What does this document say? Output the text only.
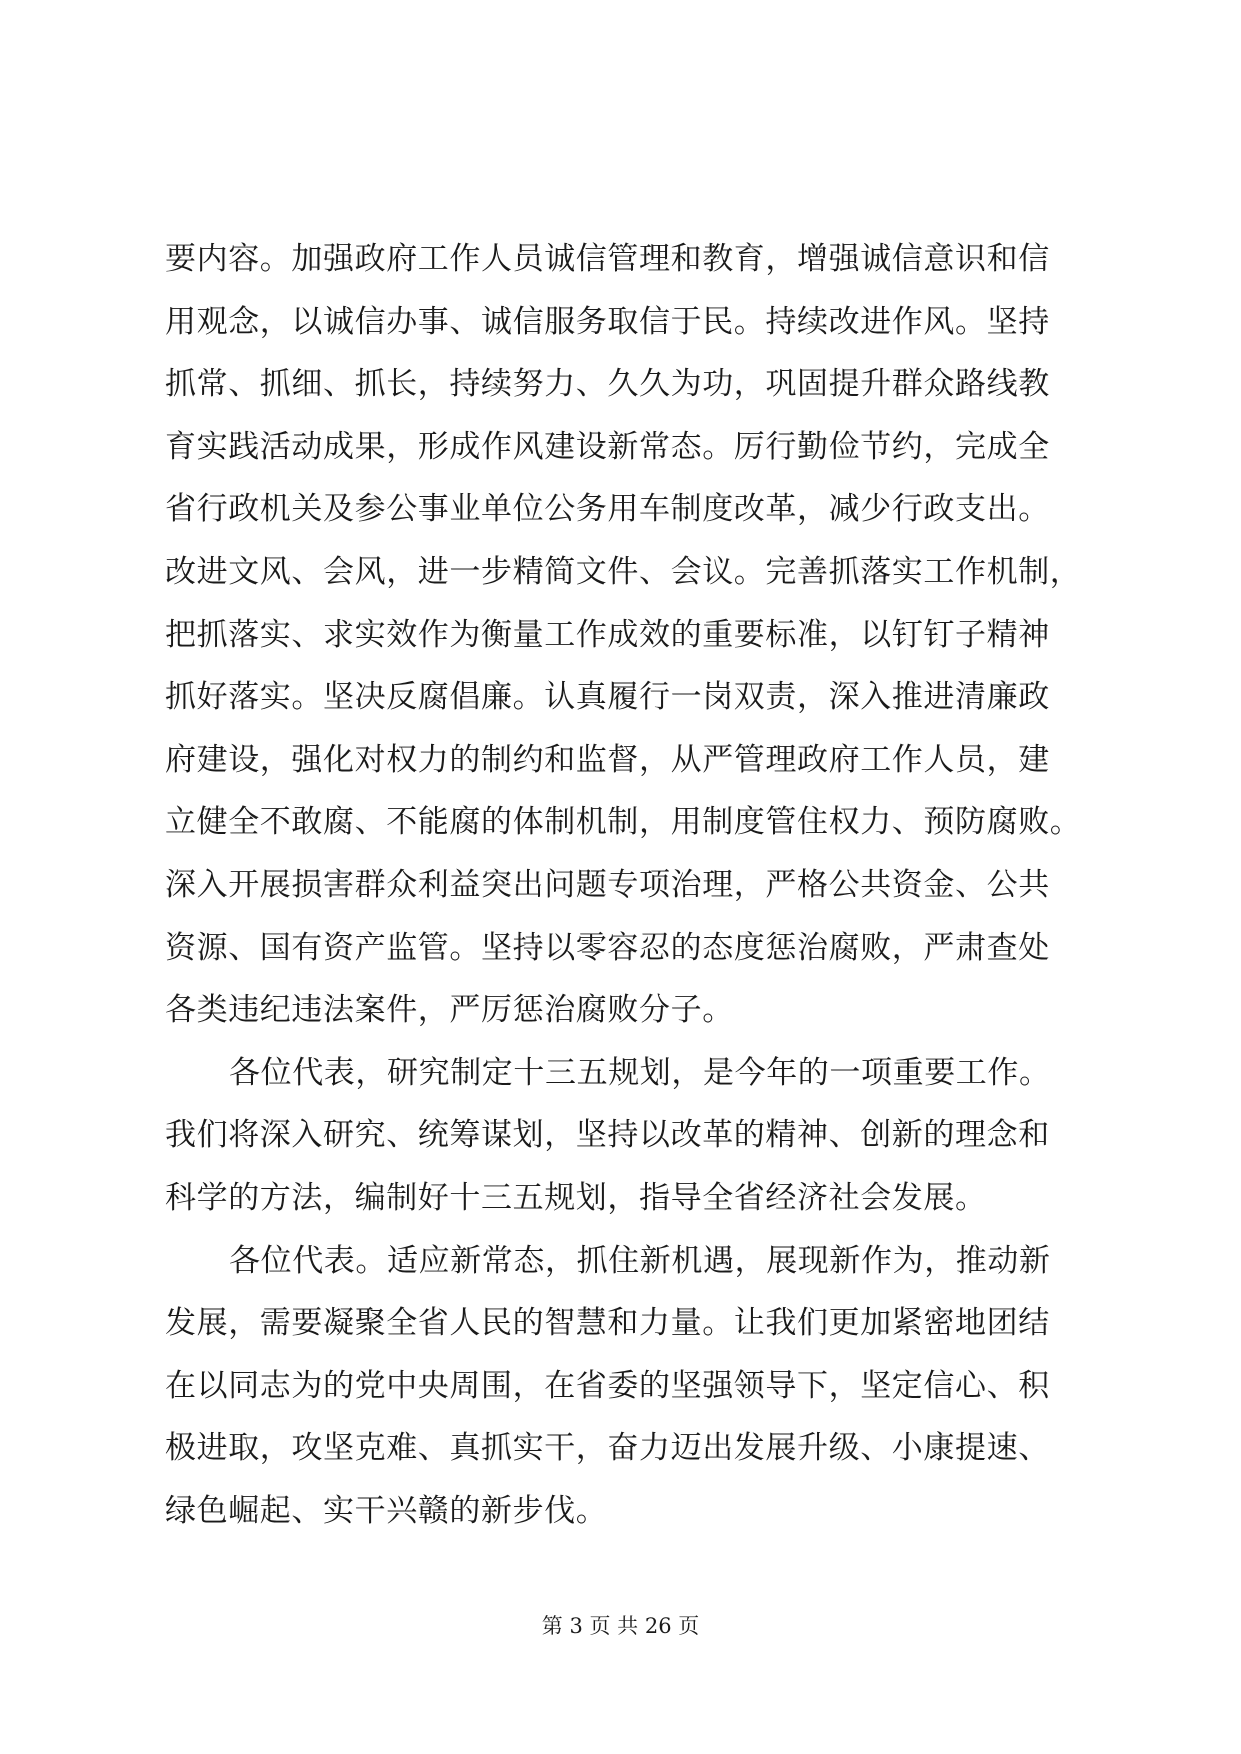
要内容。加强政府工作人员诚信管理和教育，增强诚信意识和信
用观念，以诚信办事、诚信服务取信于民。持续改进作风。坚持
抓常、抓细、抓长，持续努力、久久为功，巩固提升群众路线教
育实践活动成果，形成作风建设新常态。厉行勤俭节约，完成全
省行政机关及参公事业单位公务用车制度改革，减少行政支出。
改进文风、会风，进一步精简文件、会议。完善抓落实工作机制，
把抓落实、求实效作为衡量工作成效的重要标准，以钉钉子精神
抓好落实。坚决反腐倡廉。认真履行一岗双责，深入推进清廉政
府建设，强化对权力的制约和监督，从严管理政府工作人员，建
立健全不敢腐、不能腐的体制机制，用制度管住权力、预防腐败。
深入开展损害群众利益突出问题专项治理，严格公共资金、公共
资源、国有资产监管。坚持以零容忍的态度惩治腐败，严肃查处
各类违纪违法案件，严厉惩治腐败分子。
各位代表，研究制定十三五规划，是今年的一项重要工作。
我们将深入研究、统筹谋划，坚持以改革的精神、创新的理念和
科学的方法，编制好十三五规划，指导全省经济社会发展。
各位代表。适应新常态，抓住新机遇，展现新作为，推动新
发展，需要凝聚全省人民的智慧和力量。让我们更加紧密地团结
在以同志为的党中央周围，在省委的坚强领导下，坚定信心、积
极进取，攻坚克难、真抓实干，奋力迈出发展升级、小康提速、
绿色崛起、实干兴赣的新步伐。
第 3 页 共 26 页
